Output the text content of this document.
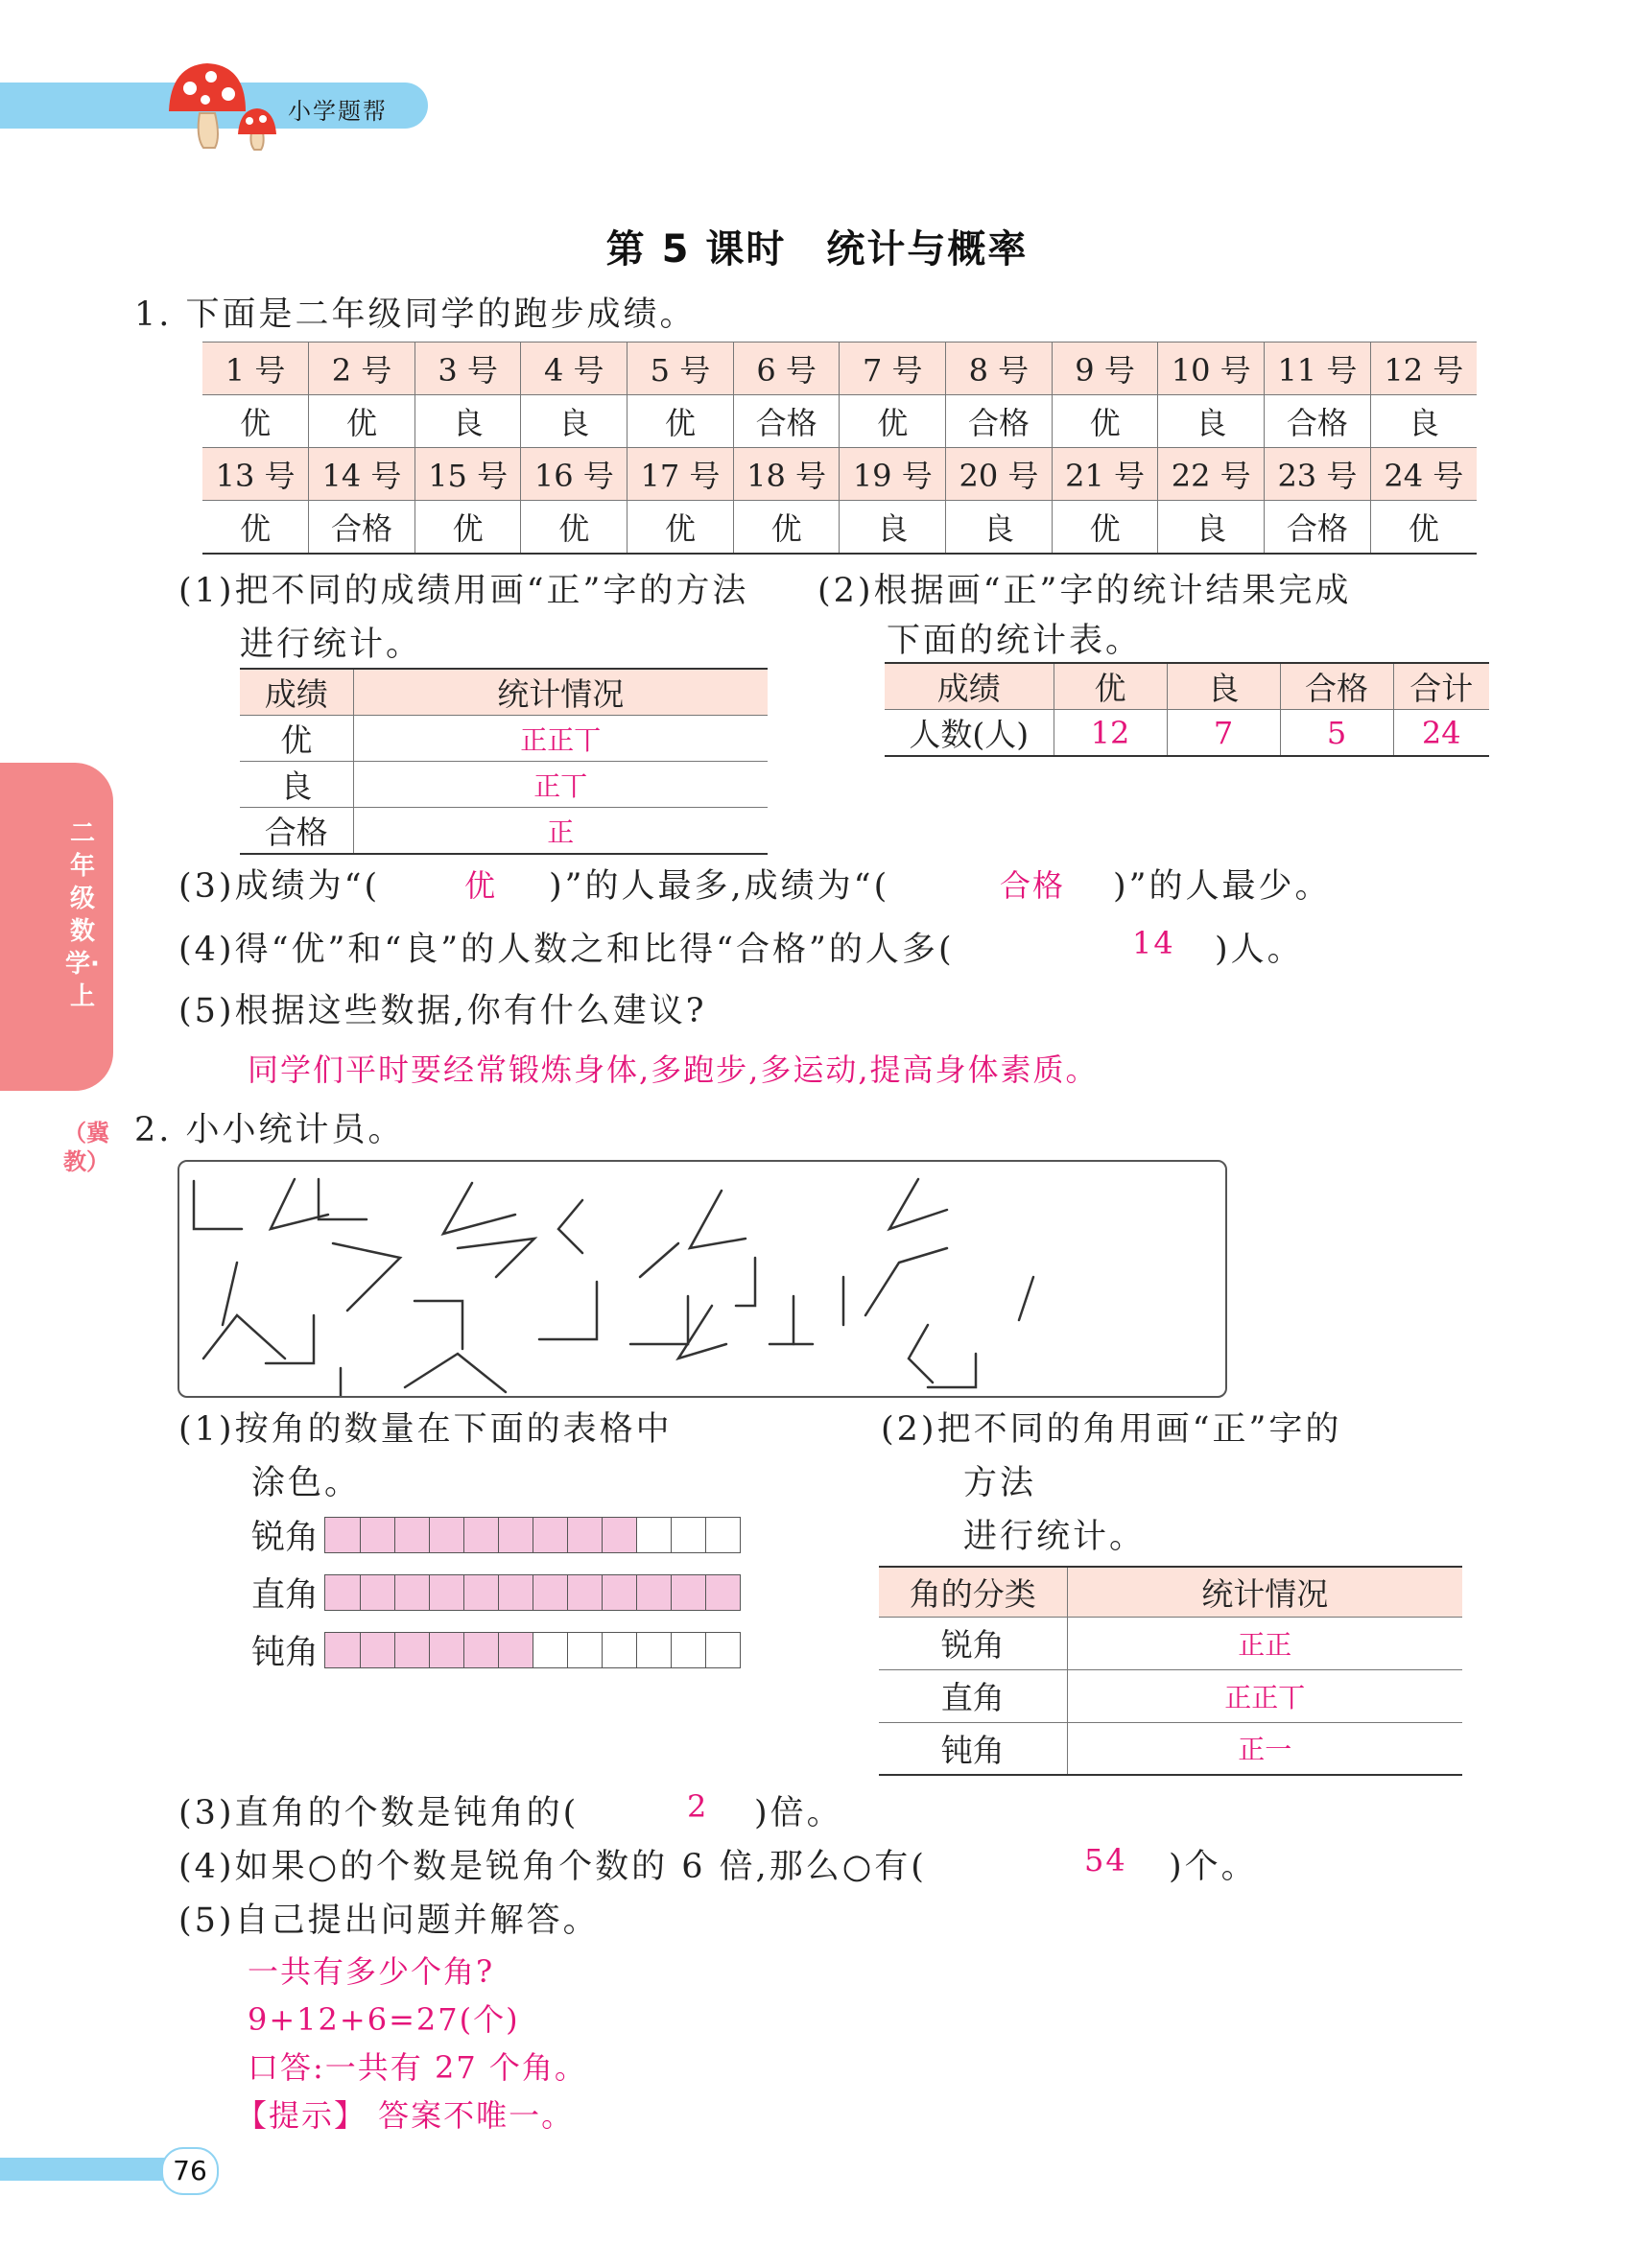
小学题帮
二年级数学·上
（冀教）
第 5 课时　统计与概率
1. 下面是二年级同学的跑步成绩。
1 号	2 号	3 号	4 号	5 号	6 号	7 号	8 号	9 号	10 号	11 号	12 号
优	优	良	良	优	合格	优	合格	优	良	合格	良
13 号	14 号	15 号	16 号	17 号	18 号	19 号	20 号	21 号	22 号	23 号	24 号
优	合格	优	优	优	优	良	良	优	良	合格	优
(1)把不同的成绩用画“正”字的方法
进行统计。
成绩	统计情况
优	正正丅
良	正丅
合格	正
(2)根据画“正”字的统计结果完成
下面的统计表。
成绩	优	良	合格	合计
人数(人)	12	7	5	24
(3)成绩为“(	优 )”的人最多,成绩为“(	合格 )”的人最少。
(4)得“优”和“良”的人数之和比得“合格”的人多(	14 )人。
(5)根据这些数据,你有什么建议?
同学们平时要经常锻炼身体,多跑步,多运动,提高身体素质。
2. 小小统计员。
(1)按角的数量在下面的表格中
涂色。
锐角
直角
钝角
(2)把不同的角用画“正”字的
方法
进行统计。
角的分类	统计情况
锐角	正正
直角	正正丅
钝角	正一
(3)直角的个数是钝角的(	2 )倍。
(4)如果○的个数是锐角个数的 6 倍,那么○有(	54 )个。
(5)自己提出问题并解答。
一共有多少个角?
9+12+6=27(个)
口答:一共有 27 个角。
【提示】 答案不唯一。
76
